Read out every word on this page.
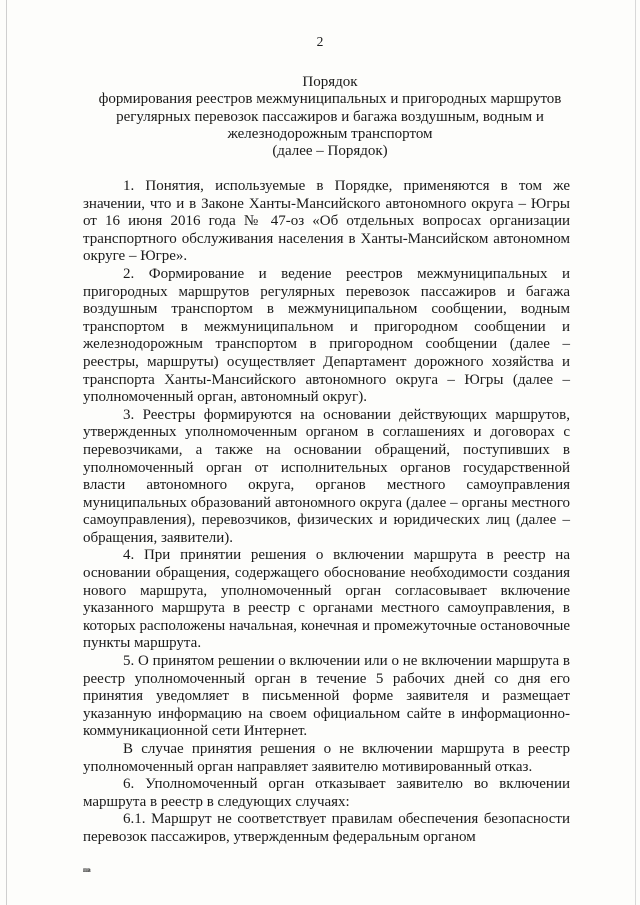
2
Порядок
формирования реестров межмуниципальных и пригородных маршрутов
регулярных перевозок пассажиров и багажа воздушным, водным и
железнодорожным транспортом
(далее – Порядок)

1. Понятия, используемые в Порядке, применяются в том же значении, что и в Законе Ханты-Мансийского автономного округа – Югры от 16 июня 2016 года № 47-оз «Об отдельных вопросах организации транспортного обслуживания населения в Ханты-Мансийском автономном округе – Югре».

2. Формирование и ведение реестров межмуниципальных и пригородных маршрутов регулярных перевозок пассажиров и багажа воздушным транспортом в межмуниципальном сообщении, водным транспортом в межмуниципальном и пригородном сообщении и железнодорожным транспортом в пригородном сообщении (далее – реестры, маршруты) осуществляет Департамент дорожного хозяйства и транспорта Ханты-Мансийского автономного округа – Югры (далее – уполномоченный орган, автономный округ).

3. Реестры формируются на основании действующих маршрутов, утвержденных уполномоченным органом в соглашениях и договорах с перевозчиками, а также на основании обращений, поступивших в уполномоченный орган от исполнительных органов государственной власти автономного округа, органов местного самоуправления муниципальных образований автономного округа (далее – органы местного самоуправления), перевозчиков, физических и юридических лиц (далее – обращения, заявители).

4. При принятии решения о включении маршрута в реестр на основании обращения, содержащего обоснование необходимости создания нового маршрута, уполномоченный орган согласовывает включение указанного маршрута в реестр с органами местного самоуправления, в которых расположены начальная, конечная и промежуточные остановочные пункты маршрута.

5. О принятом решении о включении или о не включении маршрута в реестр уполномоченный орган в течение 5 рабочих дней со дня его принятия уведомляет в письменной форме заявителя и размещает указанную информацию на своем официальном сайте в информационно-коммуникационной сети Интернет.

В случае принятия решения о не включении маршрута в реестр уполномоченный орган направляет заявителю мотивированный отказ.

6. Уполномоченный орган отказывает заявителю во включении маршрута в реестр в следующих случаях:

6.1. Маршрут не соответствует правилам обеспечения безопасности перевозок пассажиров, утвержденным федеральным органом

пв
